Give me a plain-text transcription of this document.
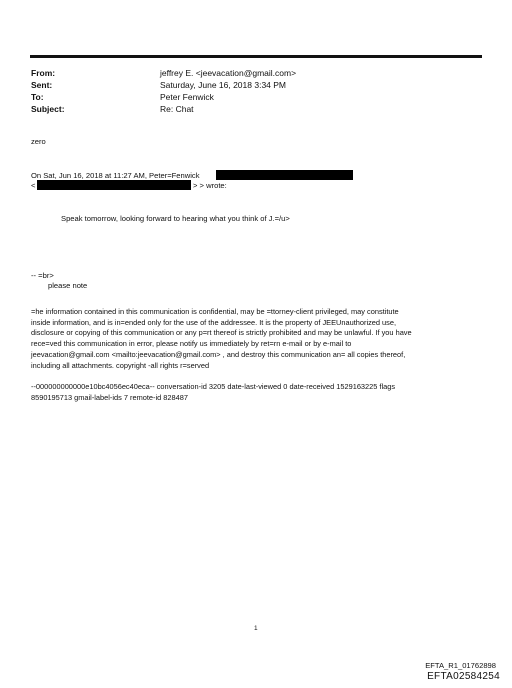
From:	jeffrey E. <jeevacation@gmail.com>
Sent:	Saturday, June 16, 2018 3:34 PM
To:	Peter Fenwick
Subject:	Re: Chat
zero
On Sat, Jun 16, 2018 at 11:27 AM, Peter=Fenwick
<	> > wrote:
Speak tomorrow, looking forward to hearing what you think of J.=/u>
-- =br>
please note
=he information contained in this communication is confidential, may be =ttorney-client privileged, may constitute
inside information, and is in=ended only for the use of the addressee. It is the property of JEEUnauthorized use,
disclosure or copying of this communication or any p=rt thereof is strictly prohibited and may be unlawful. If you have
rece=ved this communication in error, please notify us immediately by ret=rn e-mail or by e-mail to
jeevacation@gmail.com <mailto:jeevacation@gmail.com> , and destroy this communication an= all copies thereof,
including all attachments. copyright -all rights r=served
--000000000000e10bc4056ec40eca-- conversation-id 3205 date-last-viewed 0 date-received 1529163225 flags
8590195713 gmail-label-ids 7 remote-id 828487
1
EFTA_R1_01762898
EFTA02584254
